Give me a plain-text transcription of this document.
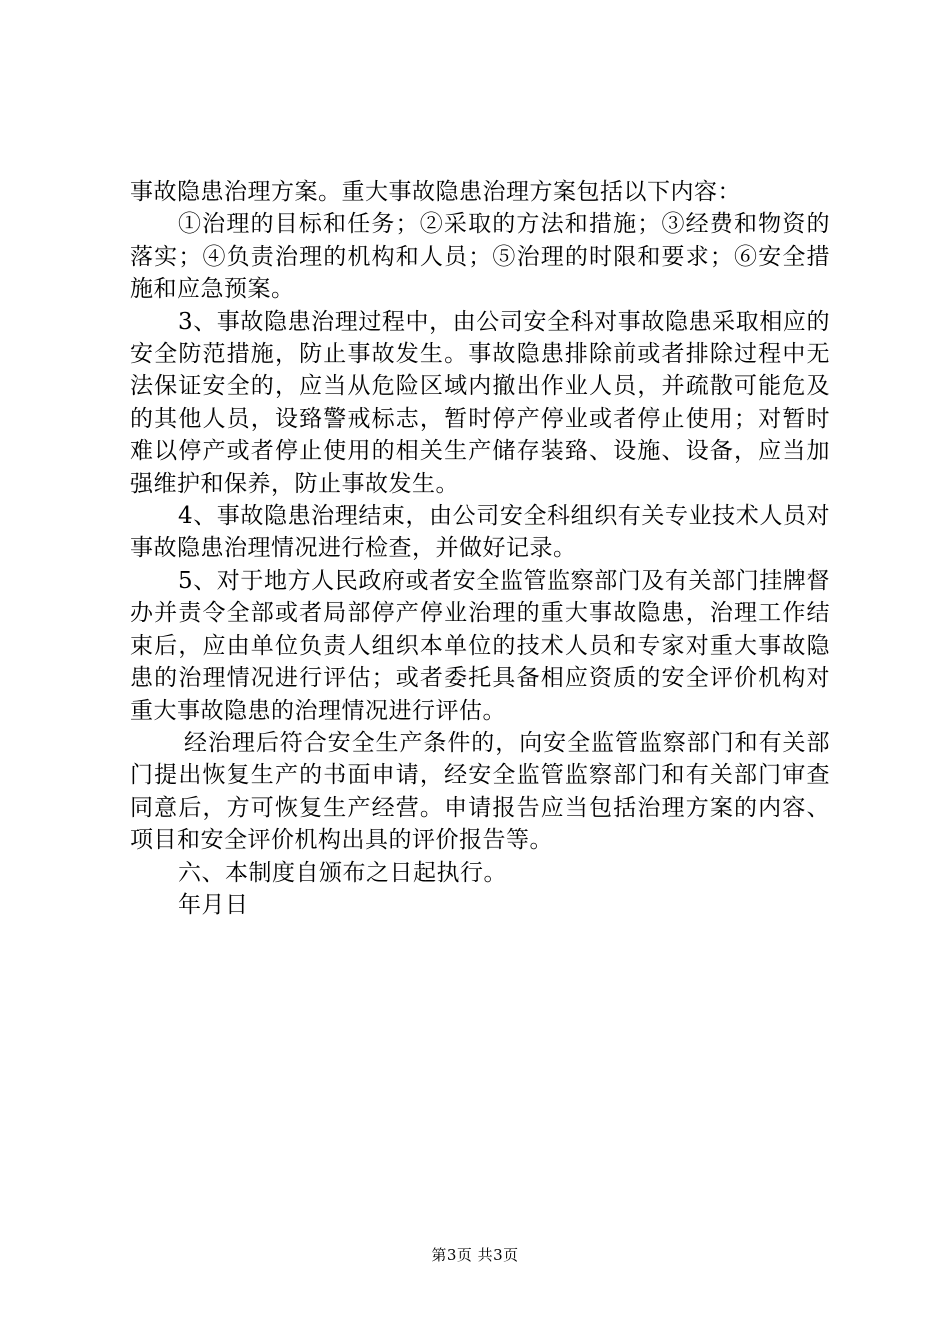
事故隐患治理方案。重大事故隐患治理方案包括以下内容：

①治理的目标和任务；②采取的方法和措施；③经费和物资的落实；④负责治理的机构和人员；⑤治理的时限和要求；⑥安全措施和应急预案。

3、事故隐患治理过程中，由公司安全科对事故隐患采取相应的安全防范措施，防止事故发生。事故隐患排除前或者排除过程中无法保证安全的，应当从危险区域内撤出作业人员，并疏散可能危及的其他人员，设臵警戒标志，暂时停产停业或者停止使用；对暂时难以停产或者停止使用的相关生产储存装臵、设施、设备，应当加强维护和保养，防止事故发生。

4、事故隐患治理结束，由公司安全科组织有关专业技术人员对事故隐患治理情况进行检查，并做好记录。

5、对于地方人民政府或者安全监管监察部门及有关部门挂牌督办并责令全部或者局部停产停业治理的重大事故隐患，治理工作结束后，应由单位负责人组织本单位的技术人员和专家对重大事故隐患的治理情况进行评估；或者委托具备相应资质的安全评价机构对重大事故隐患的治理情况进行评估。

经治理后符合安全生产条件的，向安全监管监察部门和有关部门提出恢复生产的书面申请，经安全监管监察部门和有关部门审查同意后，方可恢复生产经营。申请报告应当包括治理方案的内容、项目和安全评价机构出具的评价报告等。

六、本制度自颁布之日起执行。

年月日

第3页 共3页
